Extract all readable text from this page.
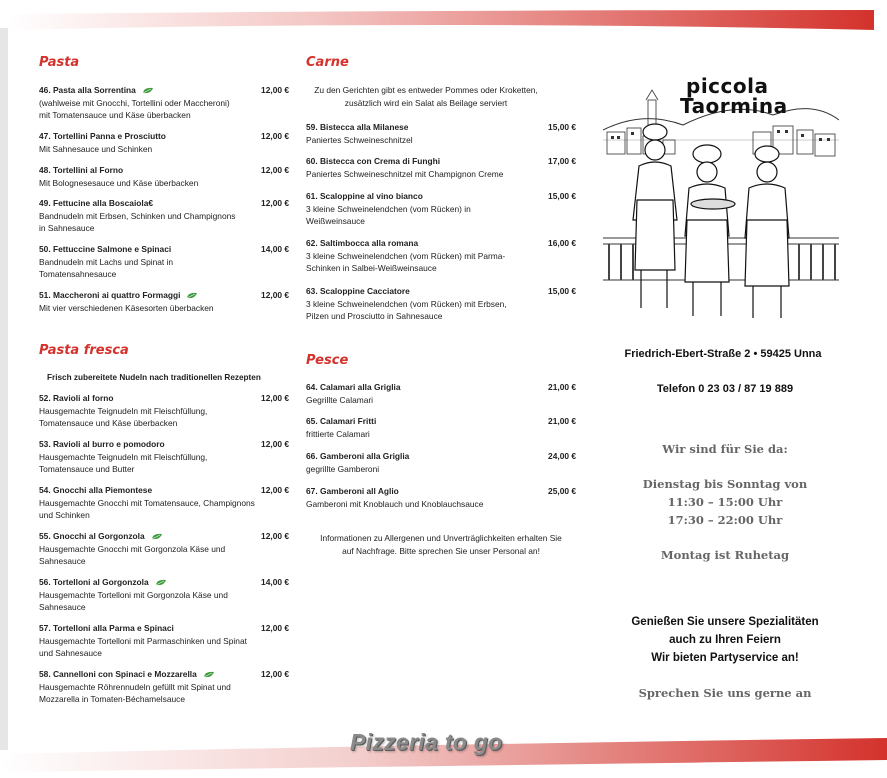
Pasta
46. Pasta alla Sorrentina	12,00 €
(wahlweise mit Gnocchi, Tortellini oder Maccheroni) mit Tomatensauce und Käse überbacken
47. Tortellini Panna e Prosciutto	12,00 €
Mit Sahnesauce und Schinken
48. Tortellini al Forno	12,00 €
Mit Bolognesesauce und Käse überbacken
49. Fettucine alla Boscaiola€	12,00 €
Bandnudeln mit Erbsen, Schinken und Champignons in Sahnesauce
50. Fettuccine Salmone e Spinaci	14,00 €
Bandnudeln mit Lachs und Spinat in Tomatensahnesauce
51. Maccheroni ai quattro Formaggi	12,00 €
Mit vier verschiedenen Käsesorten überbacken
Pasta fresca
Frisch zubereitete Nudeln nach traditionellen Rezepten
52. Ravioli al forno	12,00 €
Hausgemachte Teignudeln mit Fleischfüllung, Tomatensauce und Käse überbacken
53. Ravioli al burro e pomodoro	12,00 €
Hausgemachte Teignudeln mit Fleischfüllung, Tomatensauce und Butter
54. Gnocchi alla Piemontese	12,00 €
Hausgemachte Gnocchi mit Tomatensauce, Champignons und Schinken
55. Gnocchi al Gorgonzola	12,00 €
Hausgemachte Gnocchi mit Gorgonzola Käse und Sahnesauce
56. Tortelloni al Gorgonzola	14,00 €
Hausgemachte Tortelloni mit Gorgonzola Käse und Sahnesauce
57. Tortelloni alla Parma e Spinaci	12,00 €
Hausgemachte Tortelloni mit Parmaschinken und Spinat und Sahnesauce
58. Cannelloni con Spinaci e Mozzarella	12,00 €
Hausgemachte Röhrennudeln gefüllt mit Spinat und Mozzarella in Tomaten-Béchamelsauce
Carne
Zu den Gerichten gibt es entweder Pommes oder Kroketten, zusätzlich wird ein Salat als Beilage serviert
59. Bistecca alla Milanese	15,00 €
Paniertes Schweineschnitzel
60. Bistecca con Crema di Funghi	17,00 €
Paniertes Schweineschnitzel mit Champignon Creme
61. Scaloppine al vino bianco	15,00 €
3 kleine Schweinelendchen (vom Rücken) in Weißweinsauce
62. Saltimbocca alla romana	16,00 €
3 kleine Schweinelendchen (vom Rücken) mit Parma-Schinken in Salbei-Weißweinsauce
63. Scaloppine Cacciatore	15,00 €
3 kleine Schweinelendchen (vom Rücken) mit Erbsen, Pilzen und Prosciutto in Sahnesauce
Pesce
64. Calamari alla Griglia	21,00 €
Gegrillte Calamari
65. Calamari Fritti	21,00 €
frittierte Calamari
66. Gamberoni alla Griglia	24,00 €
gegrillte Gamberoni
67. Gamberoni all Aglio	25,00 €
Gamberoni mit Knoblauch und Knoblauchsauce
Informationen zu Allergenen und Unverträglichkeiten erhalten Sie auf Nachfrage. Bitte sprechen Sie unser Personal an!
piccola
Taormina
Friedrich-Ebert-Straße 2 • 59425 Unna
Telefon 0 23 03 / 87 19 889
Wir sind für Sie da:
Dienstag bis Sonntag von
11:30 – 15:00 Uhr
17:30 – 22:00 Uhr
Montag ist Ruhetag
Genießen Sie unsere Spezialitäten
auch zu Ihren Feiern
Wir bieten Partyservice an!
Sprechen Sie uns gerne an
Pizzeria to go
